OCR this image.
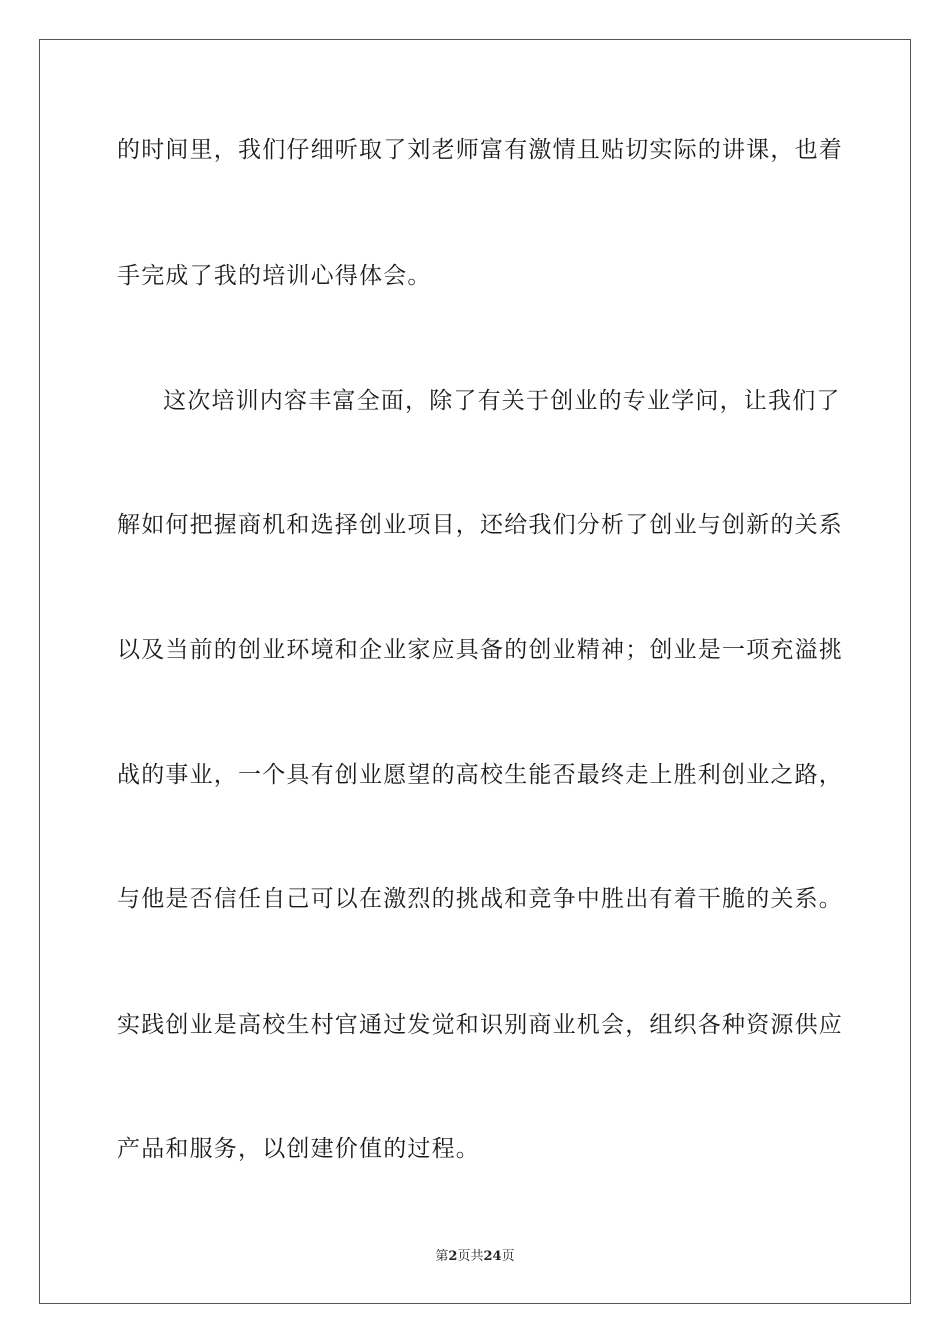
的时间里，我们仔细听取了刘老师富有激情且贴切实际的讲课，也着
手完成了我的培训心得体会。
这次培训内容丰富全面，除了有关于创业的专业学问，让我们了
解如何把握商机和选择创业项目，还给我们分析了创业与创新的关系
以及当前的创业环境和企业家应具备的创业精神；创业是一项充溢挑
战的事业，一个具有创业愿望的高校生能否最终走上胜利创业之路，
与他是否信任自己可以在激烈的挑战和竞争中胜出有着干脆的关系。
实践创业是高校生村官通过发觉和识别商业机会，组织各种资源供应
产品和服务，以创建价值的过程。
第2页共24页
